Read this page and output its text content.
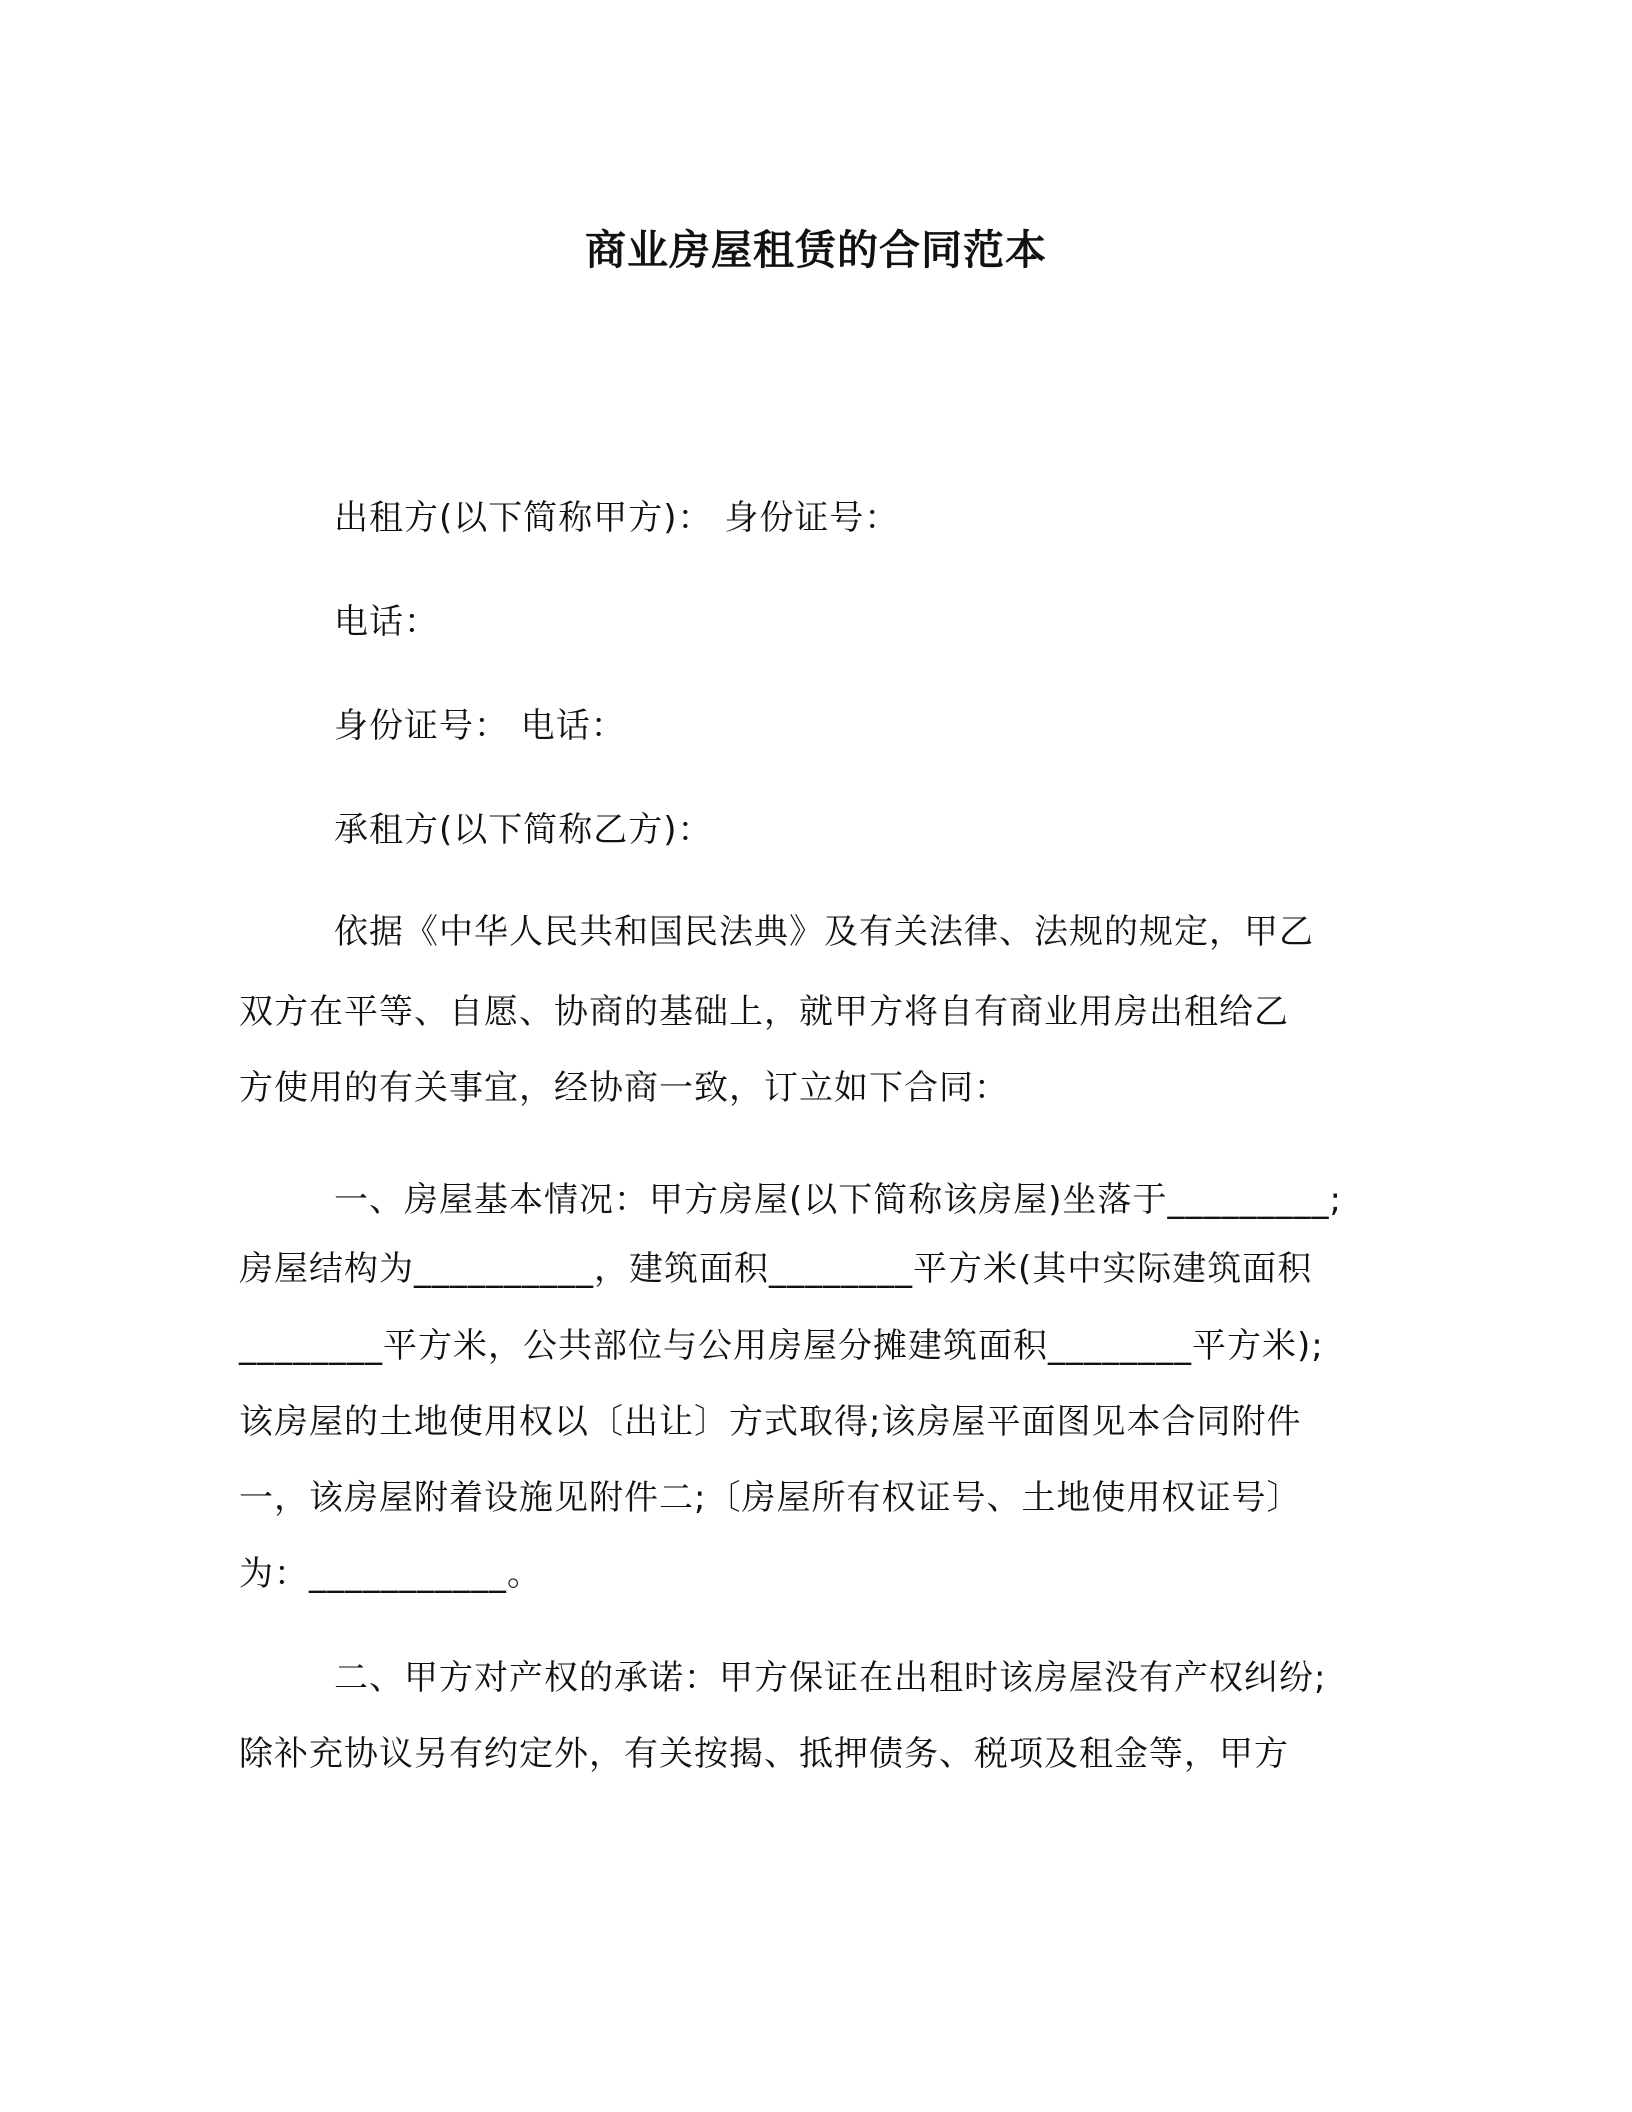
商业房屋租赁的合同范本
出租方(以下简称甲方)： 身份证号：
电话：
身份证号： 电话：
承租方(以下简称乙方)：
依据《中华人民共和国民法典》及有关法律、法规的规定，甲乙
双方在平等、自愿、协商的基础上，就甲方将自有商业用房出租给乙
方使用的有关事宜，经协商一致，订立如下合同：
一、房屋基本情况：甲方房屋(以下简称该房屋)坐落于_________;
房屋结构为__________，建筑面积________平方米(其中实际建筑面积
________平方米，公共部位与公用房屋分摊建筑面积________平方米);
该房屋的土地使用权以〔出让〕方式取得;该房屋平面图见本合同附件
一，该房屋附着设施见附件二;〔房屋所有权证号、土地使用权证号〕
为：___________。
二、甲方对产权的承诺：甲方保证在出租时该房屋没有产权纠纷;
除补充协议另有约定外，有关按揭、抵押债务、税项及租金等，甲方
